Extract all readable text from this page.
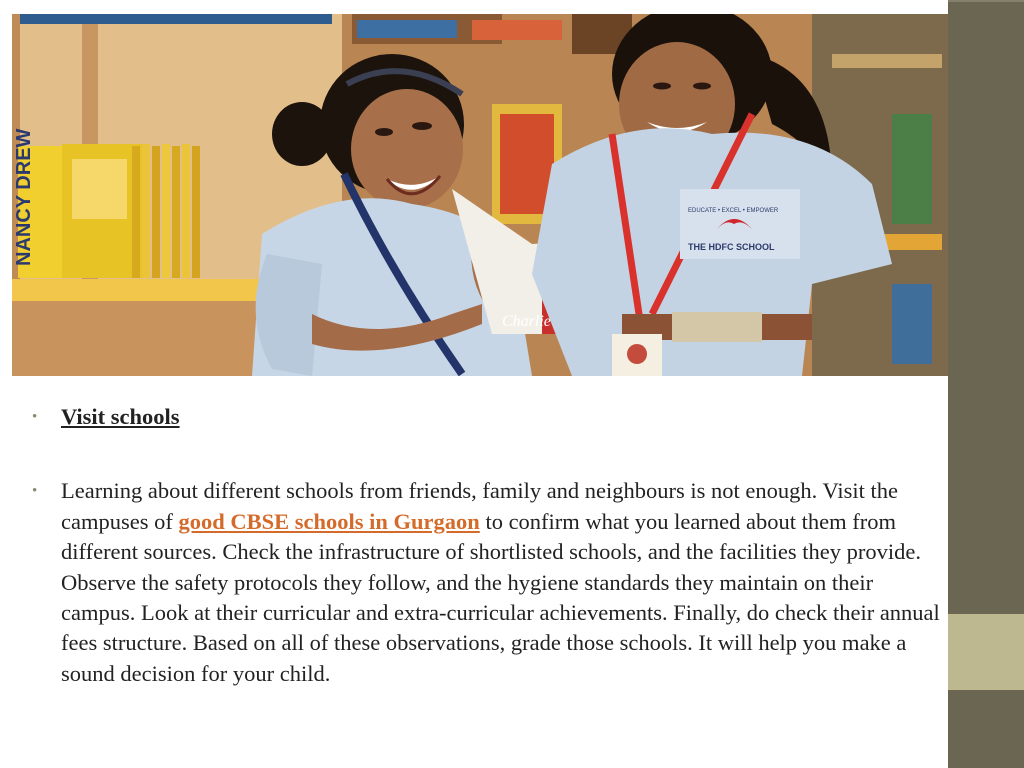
NANCY DREW
Charlie
EDUCATE • EXCEL • EMPOWER
THE HDFC SCHOOL
•	Visit schools
•	Learning about different schools from friends, family and neighbours is not enough. Visit the campuses of good CBSE schools in Gurgaon to confirm what you learned about them from different sources. Check the infrastructure of shortlisted schools, and the facilities they provide. Observe the safety protocols they follow, and the hygiene standards they maintain on their campus. Look at their curricular and extra-curricular achievements. Finally, do check their annual fees structure. Based on all of these observations, grade those schools. It will help you make a sound decision for your child.
